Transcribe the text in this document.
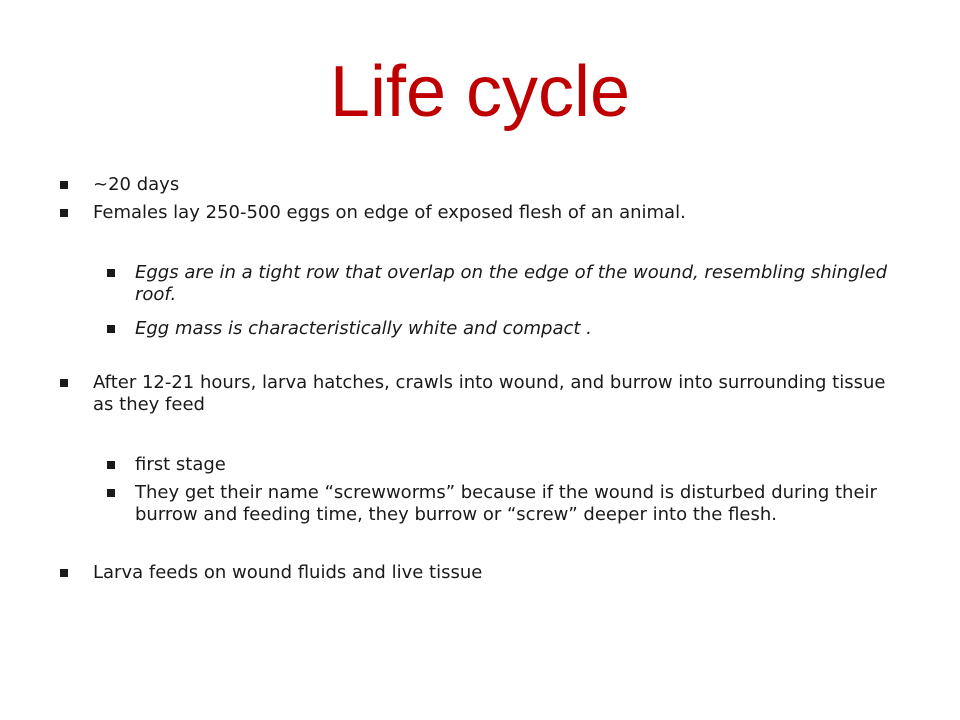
Life cycle
~20 days
Females lay 250-500 eggs on edge of exposed flesh of an animal.
Eggs are in a tight row that overlap on the edge of the wound, resembling shingled roof.
Egg mass is characteristically white and compact .
After 12-21 hours, larva hatches, crawls into wound, and burrow into surrounding tissue as they feed
first stage
They get their name “screwworms” because if the wound is disturbed during their burrow and feeding time, they burrow or “screw” deeper into the flesh.
Larva feeds on wound fluids and live tissue
